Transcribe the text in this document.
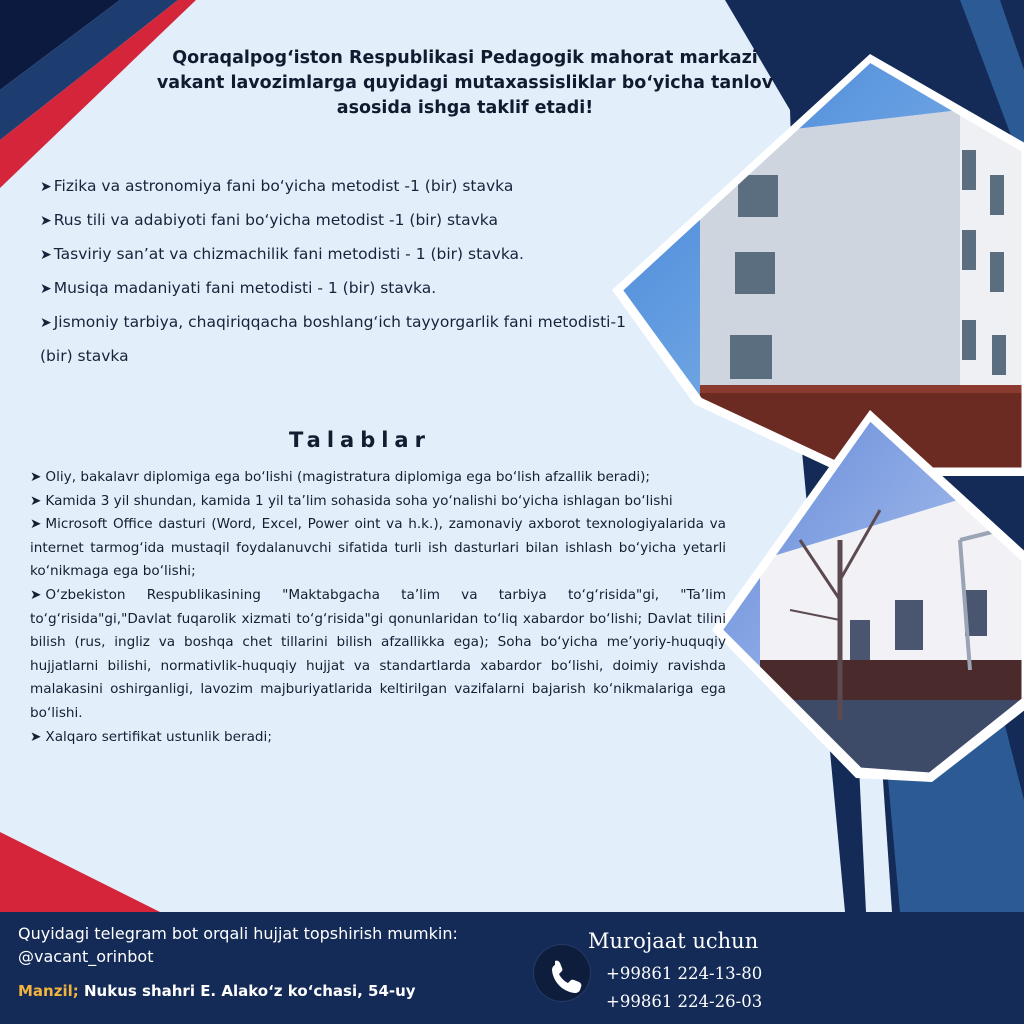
Qoraqalpog‘iston Respublikasi Pedagogik mahorat markazi vakant lavozimlarga quyidagi mutaxassisliklar bo‘yicha tanlov asosida ishga taklif etadi!
➤ Fizika va astronomiya fani bo‘yicha metodist -1 (bir) stavka
➤ Rus tili va adabiyoti fani bo‘yicha metodist -1 (bir) stavka
➤ Tasviriy san’at va chizmachilik fani metodisti - 1 (bir) stavka.
➤ Musiqa madaniyati fani metodisti - 1 (bir) stavka.
➤ Jismoniy tarbiya, chaqiriqqacha boshlang‘ich tayyorgarlik fani metodisti-1 (bir) stavka
Talablar
➤ Oliy, bakalavr diplomiga ega bo‘lishi (magistratura diplomiga ega bo‘lish afzallik beradi);
➤ Kamida 3 yil shundan, kamida 1 yil ta’lim sohasida soha yo‘nalishi bo‘yicha ishlagan bo‘lishi
➤ Microsoft Office dasturi (Word, Excel, Power oint va h.k.), zamonaviy axborot texnologiyalarida va internet tarmog‘ida mustaqil foydalanuvchi sifatida turli ish dasturlari bilan ishlash bo‘yicha yetarli ko‘nikmaga ega bo‘lishi;
➤ O‘zbekiston Respublikasining "Maktabgacha ta’lim va tarbiya to‘g‘risida"gi, "Ta’lim to‘g‘risida"gi,"Davlat fuqarolik xizmati to‘g‘risida"gi qonunlaridan to‘liq xabardor bo‘lishi; Davlat tilini bilish (rus, ingliz va boshqa chet tillarini bilish afzallikka ega); Soha bo‘yicha me’yoriy-huquqiy hujjatlarni bilishi, normativlik-huquqiy hujjat va standartlarda xabardor bo‘lishi, doimiy ravishda malakasini oshirganligi, lavozim majburiyatlarida keltirilgan vazifalarni bajarish ko‘nikmalariga ega bo‘lishi.
➤ Xalqaro sertifikat ustunlik beradi;
Quyidagi telegram bot orqali hujjat topshirish mumkin:
@vacant_orinbot
Manzil; Nukus shahri E. Alako‘z ko‘chasi, 54-uy
Murojaat uchun
+99861 224-13-80
+99861 224-26-03
